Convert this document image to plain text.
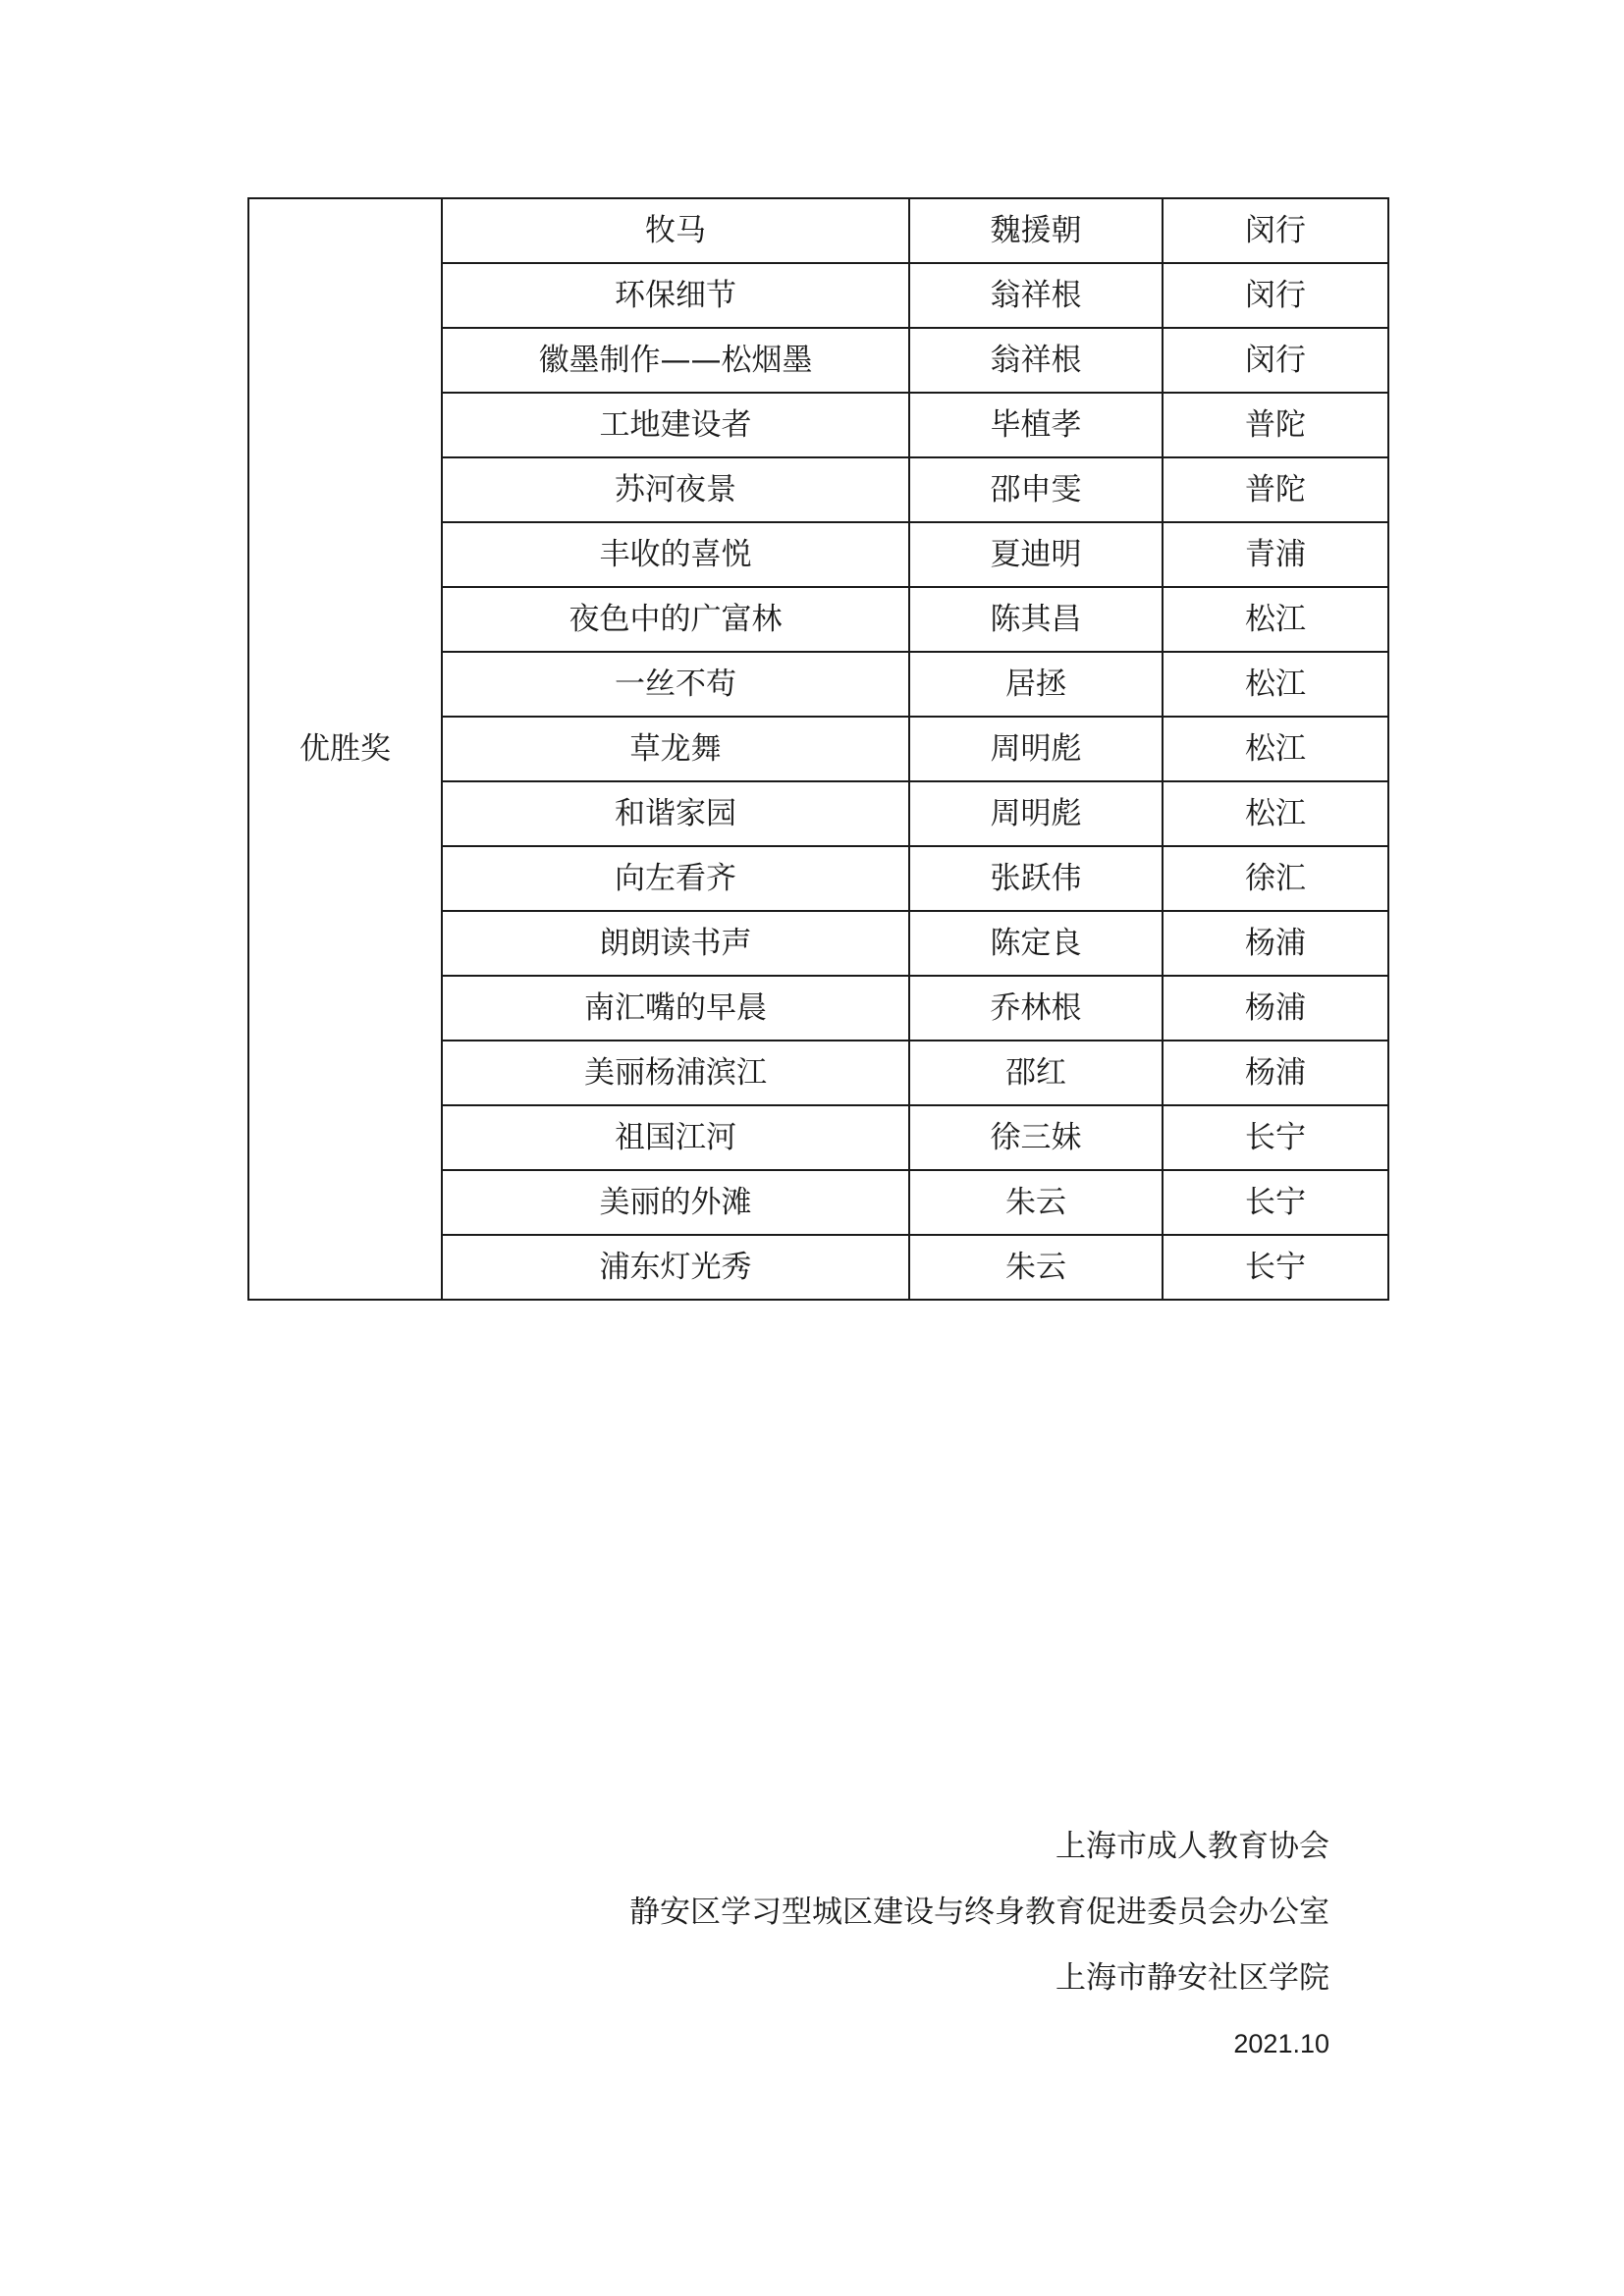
优胜奖	牧马	魏援朝	闵行
	环保细节	翁祥根	闵行
	徽墨制作——松烟墨	翁祥根	闵行
	工地建设者	毕植孝	普陀
	苏河夜景	邵申雯	普陀
	丰收的喜悦	夏迪明	青浦
	夜色中的广富林	陈其昌	松江
	一丝不苟	居拯	松江
	草龙舞	周明彪	松江
	和谐家园	周明彪	松江
	向左看齐	张跃伟	徐汇
	朗朗读书声	陈定良	杨浦
	南汇嘴的早晨	乔林根	杨浦
	美丽杨浦滨江	邵红	杨浦
	祖国江河	徐三妹	长宁
	美丽的外滩	朱云	长宁
	浦东灯光秀	朱云	长宁
上海市成人教育协会
静安区学习型城区建设与终身教育促进委员会办公室
上海市静安社区学院
2021.10
